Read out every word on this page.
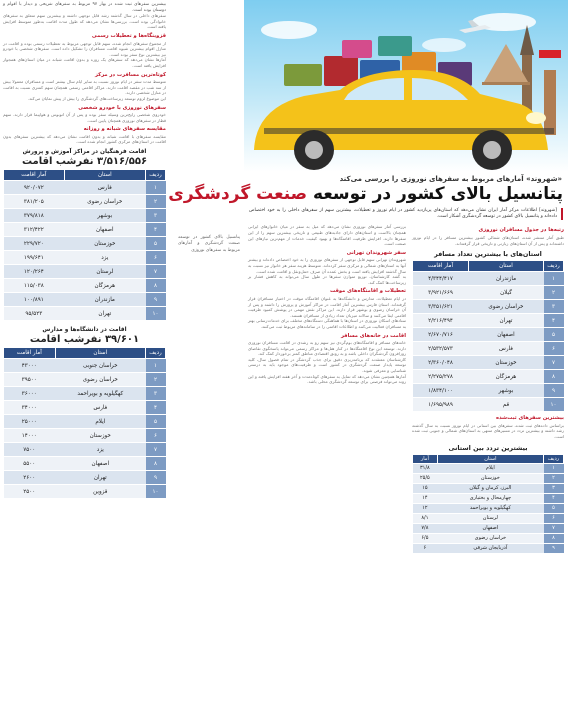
بیشترین سفرهای ثبت شده در بهار ۹۷ مربوط به سفرهای تفریحی و دیدار با اقوام و دوستان بوده است.
سفرهای داخلی در سال گذشته رشد قابل توجهی داشته و بیشترین سهم متعلق به سفرهای خانوادگی بوده است. بررسی‌ها نشان می‌دهد که طول مدت اقامت به‌طور متوسط افزایش یافته است.
قزوینگاه‌ها و تعطیلات رسمی
از مجموع سفرهای انجام شده، سهم قابل توجهی مربوط به تعطیلات رسمی بوده و اقامت در منازل اقوام بیشترین شیوه اقامت مسافران را تشکیل داده است. سفرهای شخصی با خودرو نیز بیشترین نوع سفر بوده است.
آمارها نشان می‌دهد که سفرهای یک روزه و بدون اقامت شبانه در میان استان‌های همجوار افزایش یافته است.
کوتاه‌ترین مسافرت در مرکز
متوسط مدت سفر در ایام نوروز نسبت به سایر ایام سال بیشتر است و مسافران معمولا بیش از سه شب در مقصد اقامت دارند. مراکز اقامتی رسمی همچنان سهم کمتری نسبت به اقامت در منازل شخصی دارند.
این موضوع لزوم توسعه زیرساخت‌های گردشگری را بیش از پیش نمایان می‌کند.
سفرهای نوروزی با خودرو شخصی
خودروی شخصی رایج‌ترین وسیله سفر بوده و پس از آن اتوبوس و هواپیما قرار دارند. سهم قطار در سفرهای نوروزی همچنان پایین است.
مقایسه سفرهای شبانه و روزانه
مقایسه سفرهای با اقامت شبانه و بدون اقامت نشان می‌دهد که بیشترین سفرهای بدون اقامت در استان‌های مرکزی کشور انجام شده است.
اقامت فرهنگیان در مراکز آموزش و پرورش
۳/۵۱۶/۵۵۶ نفرشب اقامت
ردیف	استان	آمار اقامت
۱	فارس	۹۲۰/۰۷۲
۲	خراسان رضوی	۳۸۱/۲۰۵
۳	بوشهر	۳۷۹/۸۱۸
۴	اصفهان	۳۱۲/۴۲۲
۵	خوزستان	۲۲۹/۷۲۰
۶	یزد	۱۹۹/۶۴۱
۷	لرستان	۱۲۰/۲۶۴
۸	هرمزگان	۱۱۵/۰۳۸
۹	مازندران	۱۰۰/۸۹۱
۱۰	تهران	۹۵/۵۲۳
اقامت در دانشگاه‌ها و مدارس
۳۹/۶۰۱ نفرشب اقامت
ردیف	استان	آمار اقامت
۱	خراسان جنوبی	۴۳۰۰۰
۲	خراسان رضوی	۳۹۵۰۰
۳	کهگیلویه و بویراحمد	۳۶۰۰۰
۴	فارس	۳۴۰۰۰
۵	ایلام	۲۵۰۰۰
۶	خوزستان	۱۴۰۰۰
۷	یزد	۷۵۰۰
۸	اصفهان	۵۵۰۰
۹	تهران	۲۶۰۰
۱۰	قزوین	۲۵۰۰
پتانسیل بالای کشور در توسعه صنعت گردشگری و آمارهای مربوط به سفرهای نوروزی
«شهروند» آمارهای مربوط به سفرهای نوروزی را بررسی می‌کند
پتانسیل بالای کشور در توسعه صنعت گردشگری
[شهروند] اطلاعات مرکز آمار ایران نشان می‌دهد که استان‌های پربازدید کشور در ایام نوروز و تعطیلات، بیشترین سهم از سفرهای داخلی را به خود اختصاص داده‌اند و پتانسیل بالای کشور در توسعه گردشگری آشکار است.
رتبه‌ها در جدول مسافران نوروزی
طبق آمار منتشر شده، استان‌های شمالی کشور بیشترین مسافر را در ایام نوروز داشته‌اند و پس از آن استان‌های زیارتی و تاریخی قرار گرفته‌اند.
استان‌های با بیشترین تعداد مسافر
ردیف	استان	آمار اقامت
۱	مازندران	۴/۳۴۴/۴۱۷
۲	گیلان	۳/۹۲۱/۶۶۹
۳	خراسان رضوی	۳/۳۵۱/۶۲۱
۴	تهران	۲/۲۱۶/۴۹۴
۵	اصفهان	۲/۶۷۰/۷۱۶
۶	فارس	۲/۵۳۲/۵۷۳
۷	خوزستان	۲/۳۶۰/۰۴۸
۸	هرمزگان	۲/۲۷۵/۲۷۸
۹	بوشهر	۱/۸۳۴/۱۰۰
۱۰	قم	۱/۶۹۵/۹۸۹
بیشترین سفرهای ثبت‌شده
براساس داده‌های ثبت شده، سفرهای بین استانی در ایام نوروز نسبت به سال گذشته رشد داشته و بیشترین تردد در مسیرهای منتهی به استان‌های شمالی و جنوبی ثبت شده است.
بیشترین تردد بین استانی
ردیف	استان	آمار
۱	ایلام	۳۱/۸
۲	خوزستان	۲۵/۵
۳	البرز، کرمان و گیلان	۱۵
۴	چهارمحال و بختیاری	۱۴
۵	کهگیلویه و بویراحمد	۱۲
۶	لرستان	۸/۱
۷	اصفهان	۷/۸
۸	خراسان رضوی	۶/۵
۹	آذربایجان شرقی	۶
بررسی آمار سفرهای نوروزی نشان می‌دهد که میل به سفر در میان خانوارهای ایرانی همچنان بالاست و استان‌های دارای جاذبه‌های طبیعی و تاریخی بیشترین سهم را از این سفرها دارند. افزایش ظرفیت اقامتگاه‌ها و بهبود کیفیت خدمات از مهم‌ترین نیازهای این صنعت است.
سفر شهروندان تهرانی
شهروندان تهرانی سهم قابل توجهی از سفرهای نوروزی را به خود اختصاص داده‌اند و بیشتر آنها به استان‌های شمالی و مرکزی سفر کرده‌اند. متوسط هزینه سفر هر خانوار نیز نسبت به سال گذشته افزایش یافته است و بخش عمده آن صرف حمل‌ونقل و اقامت شده است.
به گفته کارشناسان، توزیع متوازن سفرها در طول سال می‌تواند به کاهش فشار بر زیرساخت‌ها کمک کند.
تعطیلات و اقامتگاه‌های موقت
در ایام تعطیلات، مدارس و دانشگاه‌ها به عنوان اقامتگاه موقت در اختیار مسافران قرار گرفته‌اند. استان فارس بیشترین آمار اقامت در مراکز آموزش و پرورش را داشته و پس از آن خراسان رضوی و بوشهر قرار دارند. این مراکز نقش مهمی در پوشش کمبود ظرفیت اقامتی ایفا می‌کنند و سالانه میزبان تعداد زیادی از مسافران هستند.
ستادهای اسکان نوروزی در استان‌ها با هماهنگی دستگاه‌های مختلف برای خدمات‌رسانی بهتر به مسافران فعالیت می‌کنند و اطلاعات اقامتی را در سامانه‌های مربوط ثبت می‌کنند.
اقامت در خانه‌های مسافر
خانه‌های مسافر و اقامتگاه‌های بوم‌گردی نیز سهم رو به رشدی در اقامت مسافران نوروزی دارند. توسعه این نوع اقامتگاه‌ها در کنار هتل‌ها و مراکز رسمی می‌تواند پاسخگوی تقاضای روزافزون گردشگران داخلی باشد و به رونق اقتصادی مناطق کمتر برخوردار کمک کند.
کارشناسان معتقدند که برنامه‌ریزی دقیق برای جذب گردشگر در تمام فصول سال، کلید توسعه پایدار صنعت گردشگری در کشور است و ظرفیت‌های موجود باید به درستی شناسایی و معرفی شوند.
آمارها همچنین نشان می‌دهد که تمایل به سفرهای کوتاه‌مدت و آخر هفته افزایش یافته و این روند می‌تواند فرصتی برای توسعه گردشگری محلی باشد.
